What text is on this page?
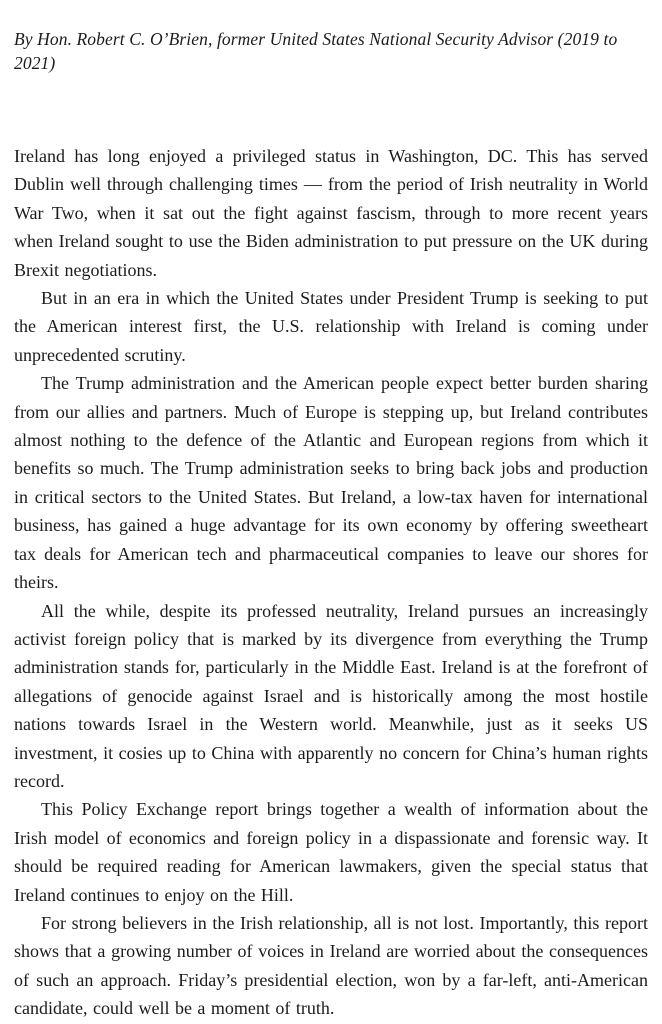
By Hon. Robert C. O’Brien, former United States National Security Advisor (2019 to 2021)

Ireland has long enjoyed a privileged status in Washington, DC. This has served Dublin well through challenging times — from the period of Irish neutrality in World War Two, when it sat out the fight against fascism, through to more recent years when Ireland sought to use the Biden administration to put pressure on the UK during Brexit negotiations.

But in an era in which the United States under President Trump is seeking to put the American interest first, the U.S. relationship with Ireland is coming under unprecedented scrutiny.

The Trump administration and the American people expect better burden sharing from our allies and partners. Much of Europe is stepping up, but Ireland contributes almost nothing to the defence of the Atlantic and European regions from which it benefits so much. The Trump administration seeks to bring back jobs and production in critical sectors to the United States. But Ireland, a low-tax haven for international business, has gained a huge advantage for its own economy by offering sweetheart tax deals for American tech and pharmaceutical companies to leave our shores for theirs.

All the while, despite its professed neutrality, Ireland pursues an increasingly activist foreign policy that is marked by its divergence from everything the Trump administration stands for, particularly in the Middle East. Ireland is at the forefront of allegations of genocide against Israel and is historically among the most hostile nations towards Israel in the Western world. Meanwhile, just as it seeks US investment, it cosies up to China with apparently no concern for China’s human rights record.

This Policy Exchange report brings together a wealth of information about the Irish model of economics and foreign policy in a dispassionate and forensic way. It should be required reading for American lawmakers, given the special status that Ireland continues to enjoy on the Hill.

For strong believers in the Irish relationship, all is not lost. Importantly, this report shows that a growing number of voices in Ireland are worried about the consequences of such an approach. Friday’s presidential election, won by a far-left, anti-American candidate, could well be a moment of truth.
